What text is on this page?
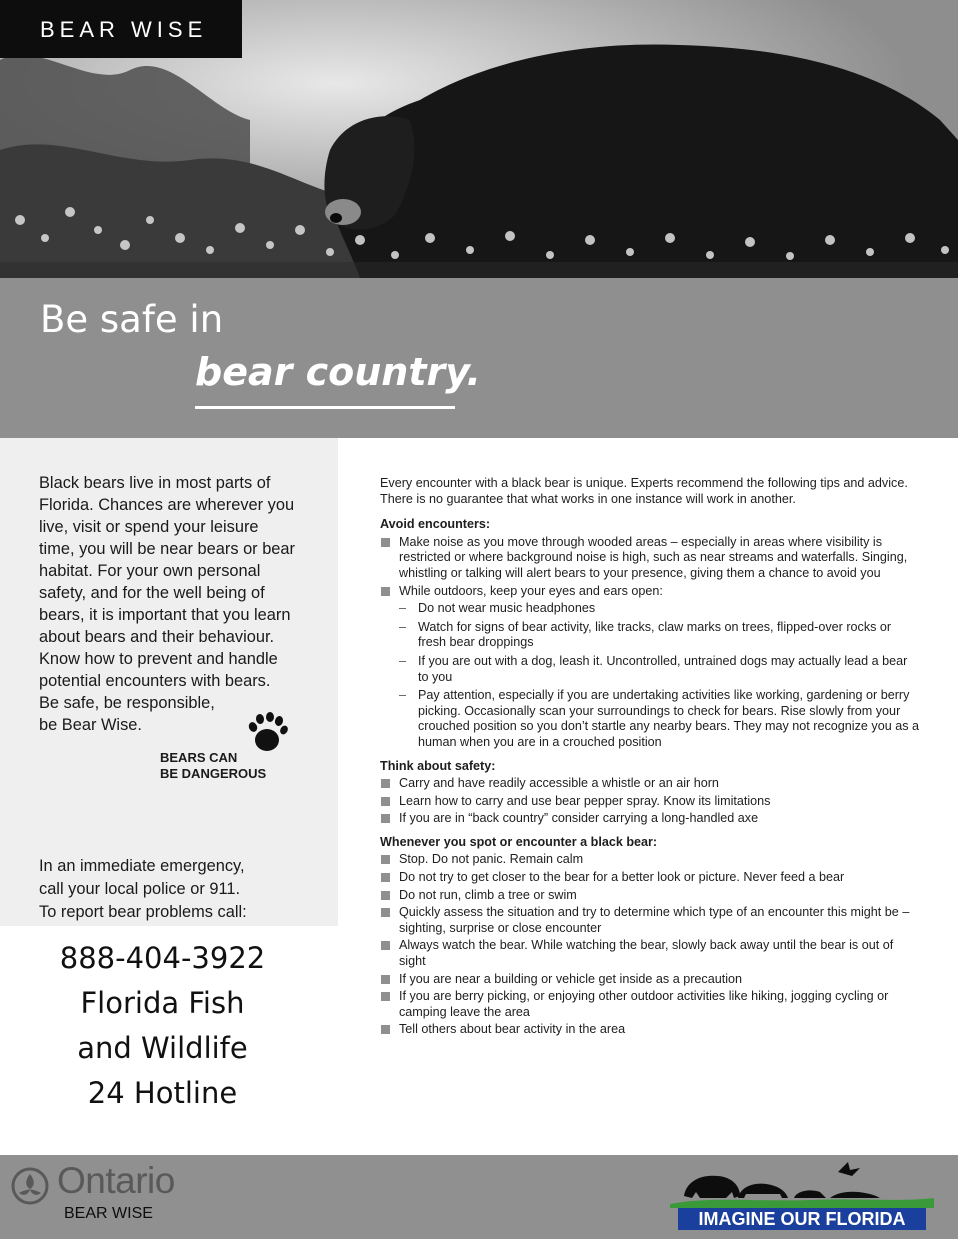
BEAR WISE
Be safe in
bear country.
Black bears live in most parts of
Florida. Chances are wherever you
live, visit or spend your leisure
time, you will be near bears or bear
habitat. For your own personal
safety, and for the well being of
bears, it is important that you learn
about bears and their behaviour.
Know how to prevent and handle
potential encounters with bears.
Be safe, be responsible,
be Bear Wise.
BEARS CAN
BE DANGEROUS
In an immediate emergency,
call your local police or 911.
To report bear problems call:
888-404-3922
Florida Fish
and Wildlife
24 Hotline

Every encounter with a black bear is unique. Experts recommend the following tips and advice. There is no guarantee that what works in one instance will work in another.

Avoid encounters:
Make noise as you move through wooded areas – especially in areas where visibility is restricted or where background noise is high, such as near streams and waterfalls. Singing, whistling or talking will alert bears to your presence, giving them a chance to avoid you
While outdoors, keep your eyes and ears open:
– Do not wear music headphones
– Watch for signs of bear activity, like tracks, claw marks on trees, flipped-over rocks or fresh bear droppings
– If you are out with a dog, leash it. Uncontrolled, untrained dogs may actually lead a bear to you
– Pay attention, especially if you are undertaking activities like working, gardening or berry picking. Occasionally scan your surroundings to check for bears. Rise slowly from your crouched position so you don’t startle any nearby bears. They may not recognize you as a human when you are in a crouched position
Think about safety:
Carry and have readily accessible a whistle or an air horn
Learn how to carry and use bear pepper spray. Know its limitations
If you are in “back country” consider carrying a long-handled axe
Whenever you spot or encounter a black bear:
Stop. Do not panic. Remain calm
Do not try to get closer to the bear for a better look or picture. Never feed a bear
Do not run, climb a tree or swim
Quickly assess the situation and try to determine which type of an encounter this might be – sighting, surprise or close encounter
Always watch the bear. While watching the bear, slowly back away until the bear is out of sight
If you are near a building or vehicle get inside as a precaution
If you are berry picking, or enjoying other outdoor activities like hiking, jogging cycling or camping leave the area
Tell others about bear activity in the area
Ontario
BEAR WISE	IMAGINE OUR FLORIDA
